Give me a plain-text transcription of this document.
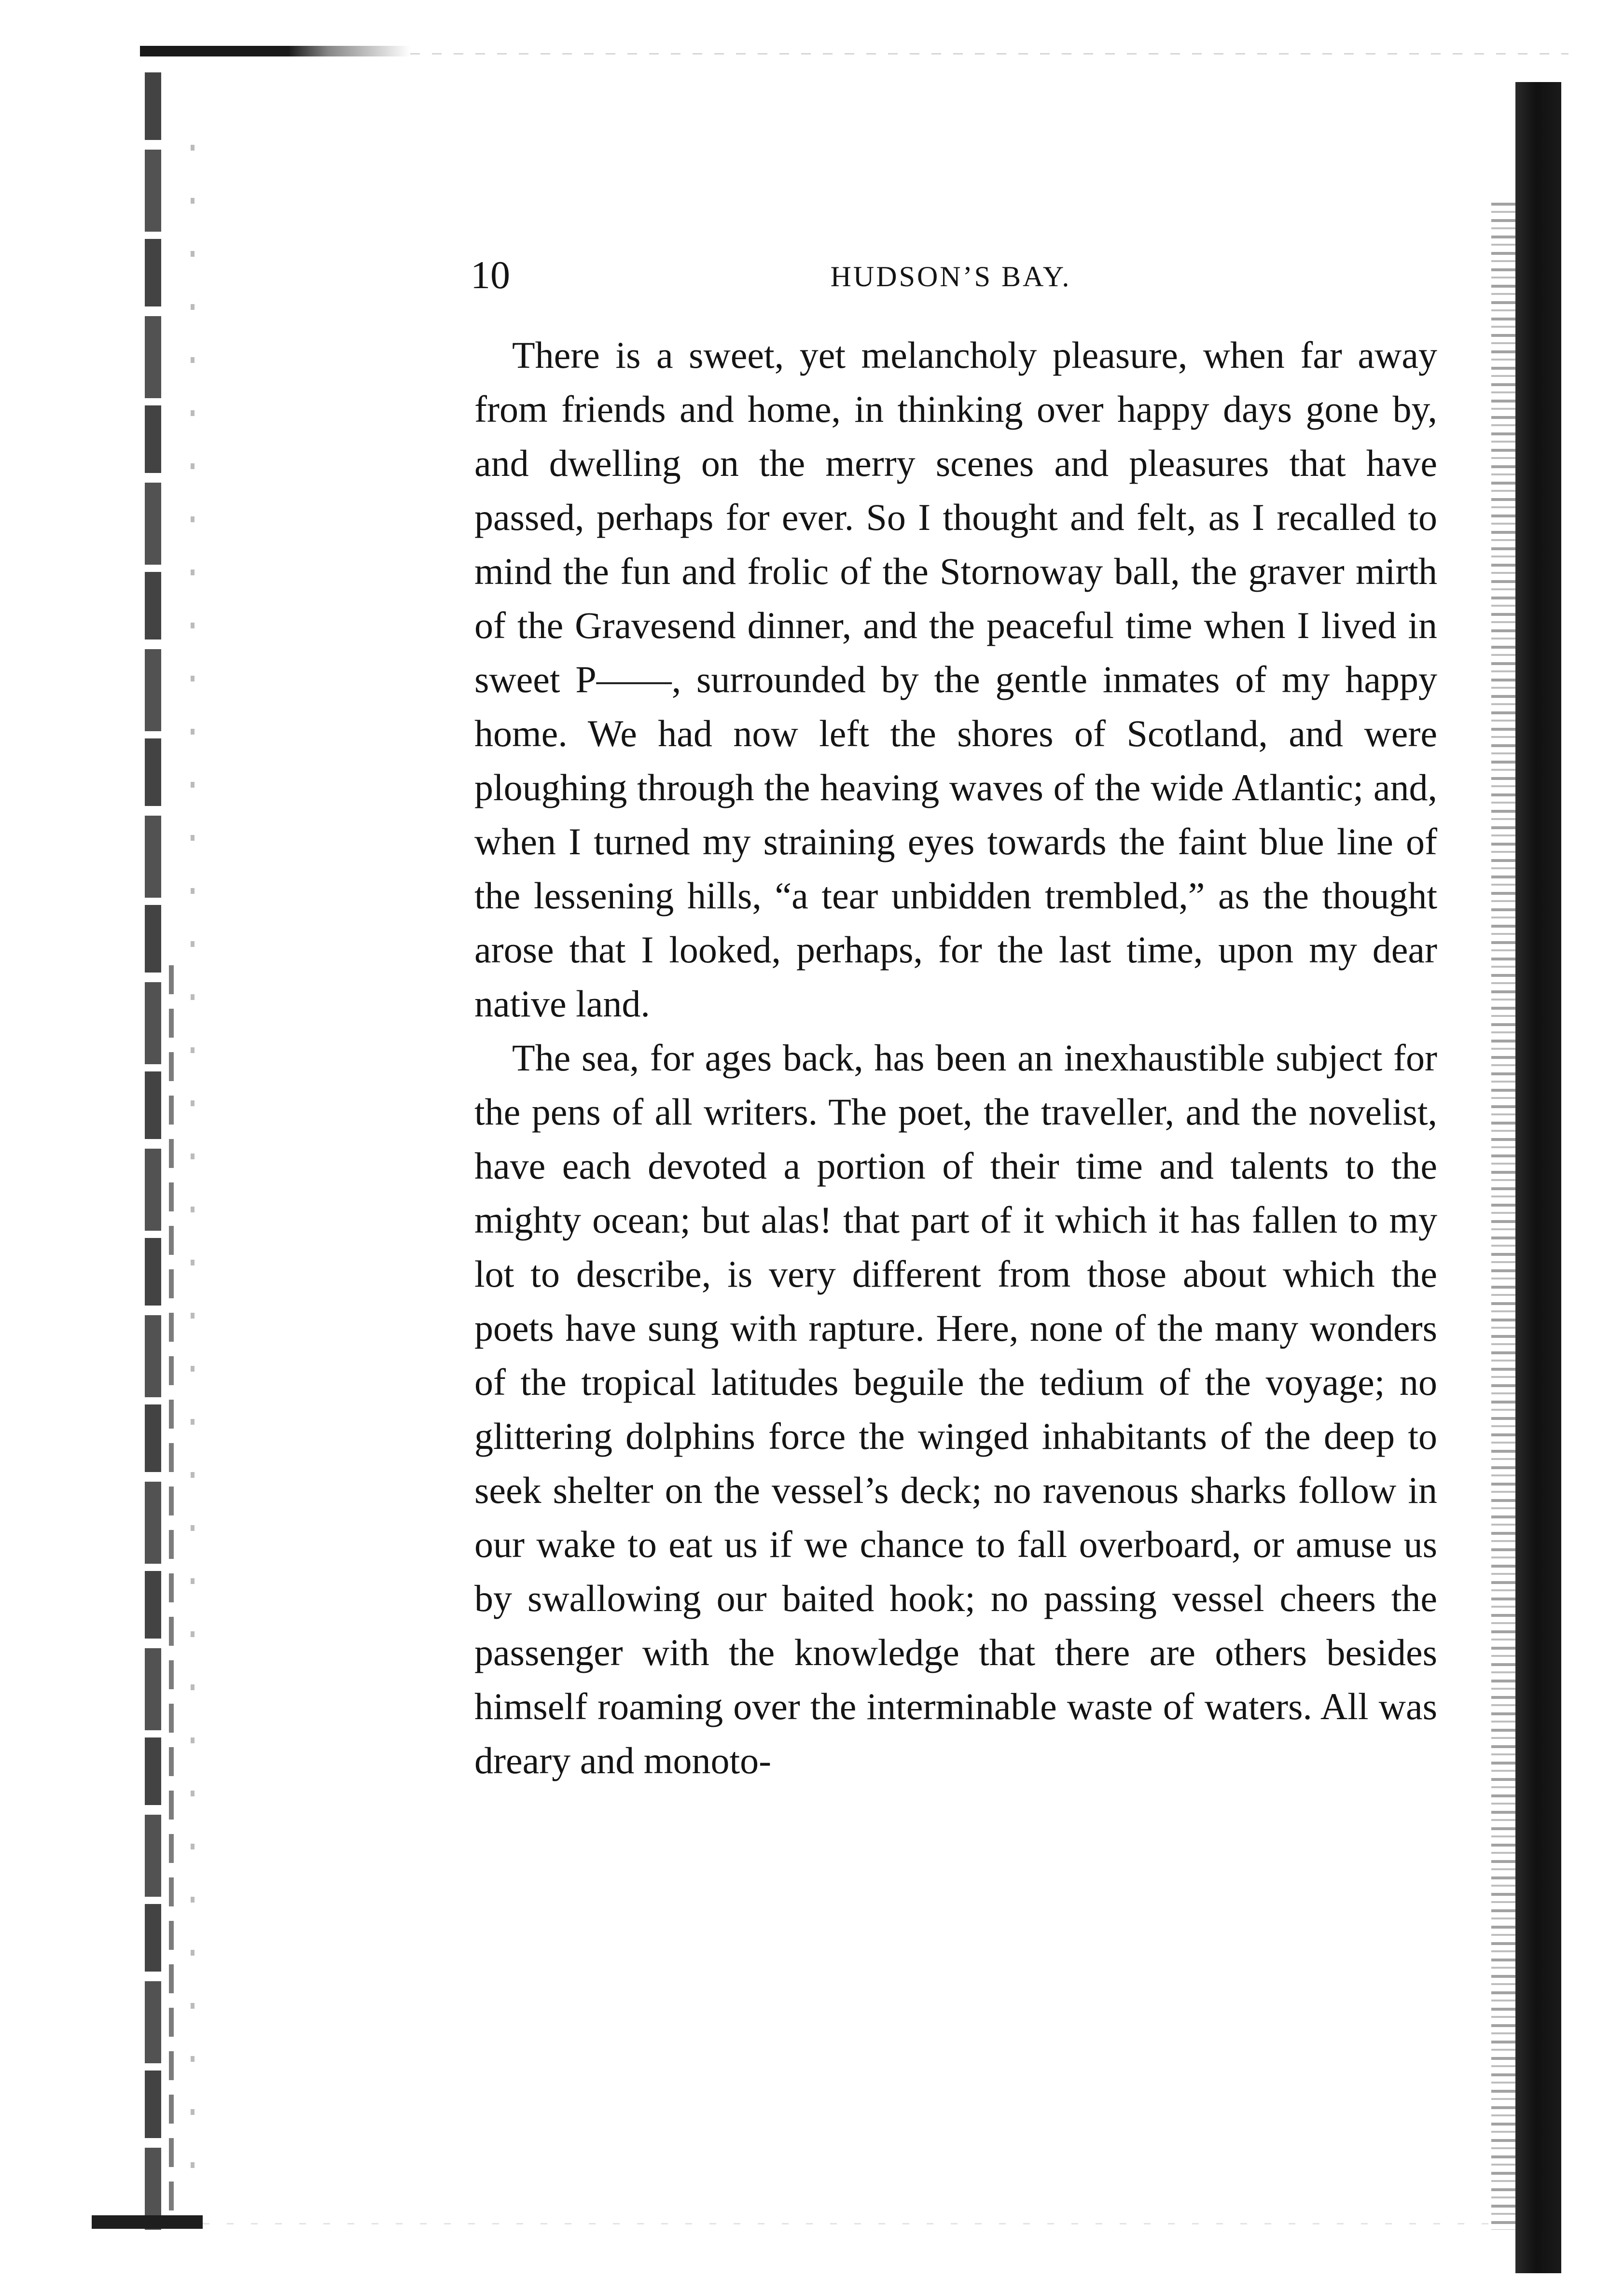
10	HUDSON’S BAY.

There is a sweet, yet melancholy pleasure, when far away from friends and home, in thinking over happy days gone by, and dwelling on the merry scenes and pleasures that have passed, perhaps for ever. So I thought and felt, as I recalled to mind the fun and frolic of the Stornoway ball, the graver mirth of the Gravesend dinner, and the peaceful time when I lived in sweet P——, surrounded by the gentle inmates of my happy home. We had now left the shores of Scotland, and were ploughing through the heaving waves of the wide Atlantic; and, when I turned my straining eyes towards the faint blue line of the lessening hills, “a tear unbidden trembled,” as the thought arose that I looked, perhaps, for the last time, upon my dear native land.

The sea, for ages back, has been an inexhaustible subject for the pens of all writers. The poet, the traveller, and the novelist, have each devoted a portion of their time and talents to the mighty ocean; but alas! that part of it which it has fallen to my lot to describe, is very different from those about which the poets have sung with rapture. Here, none of the many wonders of the tropical latitudes beguile the tedium of the voyage; no glittering dolphins force the winged inhabitants of the deep to seek shelter on the vessel’s deck; no ravenous sharks follow in our wake to eat us if we chance to fall overboard, or amuse us by swallowing our baited hook; no passing vessel cheers the passenger with the knowledge that there are others besides himself roaming over the interminable waste of waters. All was dreary and monoto-
